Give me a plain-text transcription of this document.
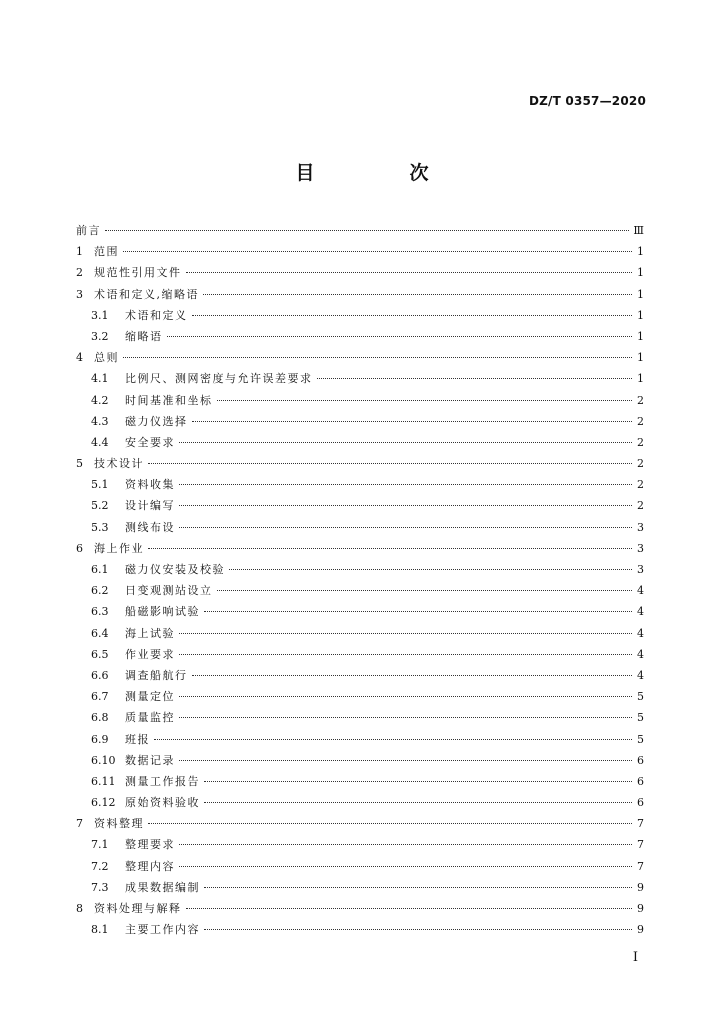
DZ/T 0357—2020
目　次
前言	Ⅲ
1	范围	1
2	规范性引用文件	1
3	术语和定义,缩略语	1
3.1	术语和定义	1
3.2	缩略语	1
4	总则	1
4.1	比例尺、测网密度与允许误差要求	1
4.2	时间基准和坐标	2
4.3	磁力仪选择	2
4.4	安全要求	2
5	技术设计	2
5.1	资料收集	2
5.2	设计编写	2
5.3	测线布设	3
6	海上作业	3
6.1	磁力仪安装及校验	3
6.2	日变观测站设立	4
6.3	船磁影响试验	4
6.4	海上试验	4
6.5	作业要求	4
6.6	调查船航行	4
6.7	测量定位	5
6.8	质量监控	5
6.9	班报	5
6.10 数据记录	6
6.11 测量工作报告	6
6.12 原始资料验收	6
7	资料整理	7
7.1	整理要求	7
7.2	整理内容	7
7.3	成果数据编制	9
8	资料处理与解释	9
8.1	主要工作内容	9
Ⅰ
